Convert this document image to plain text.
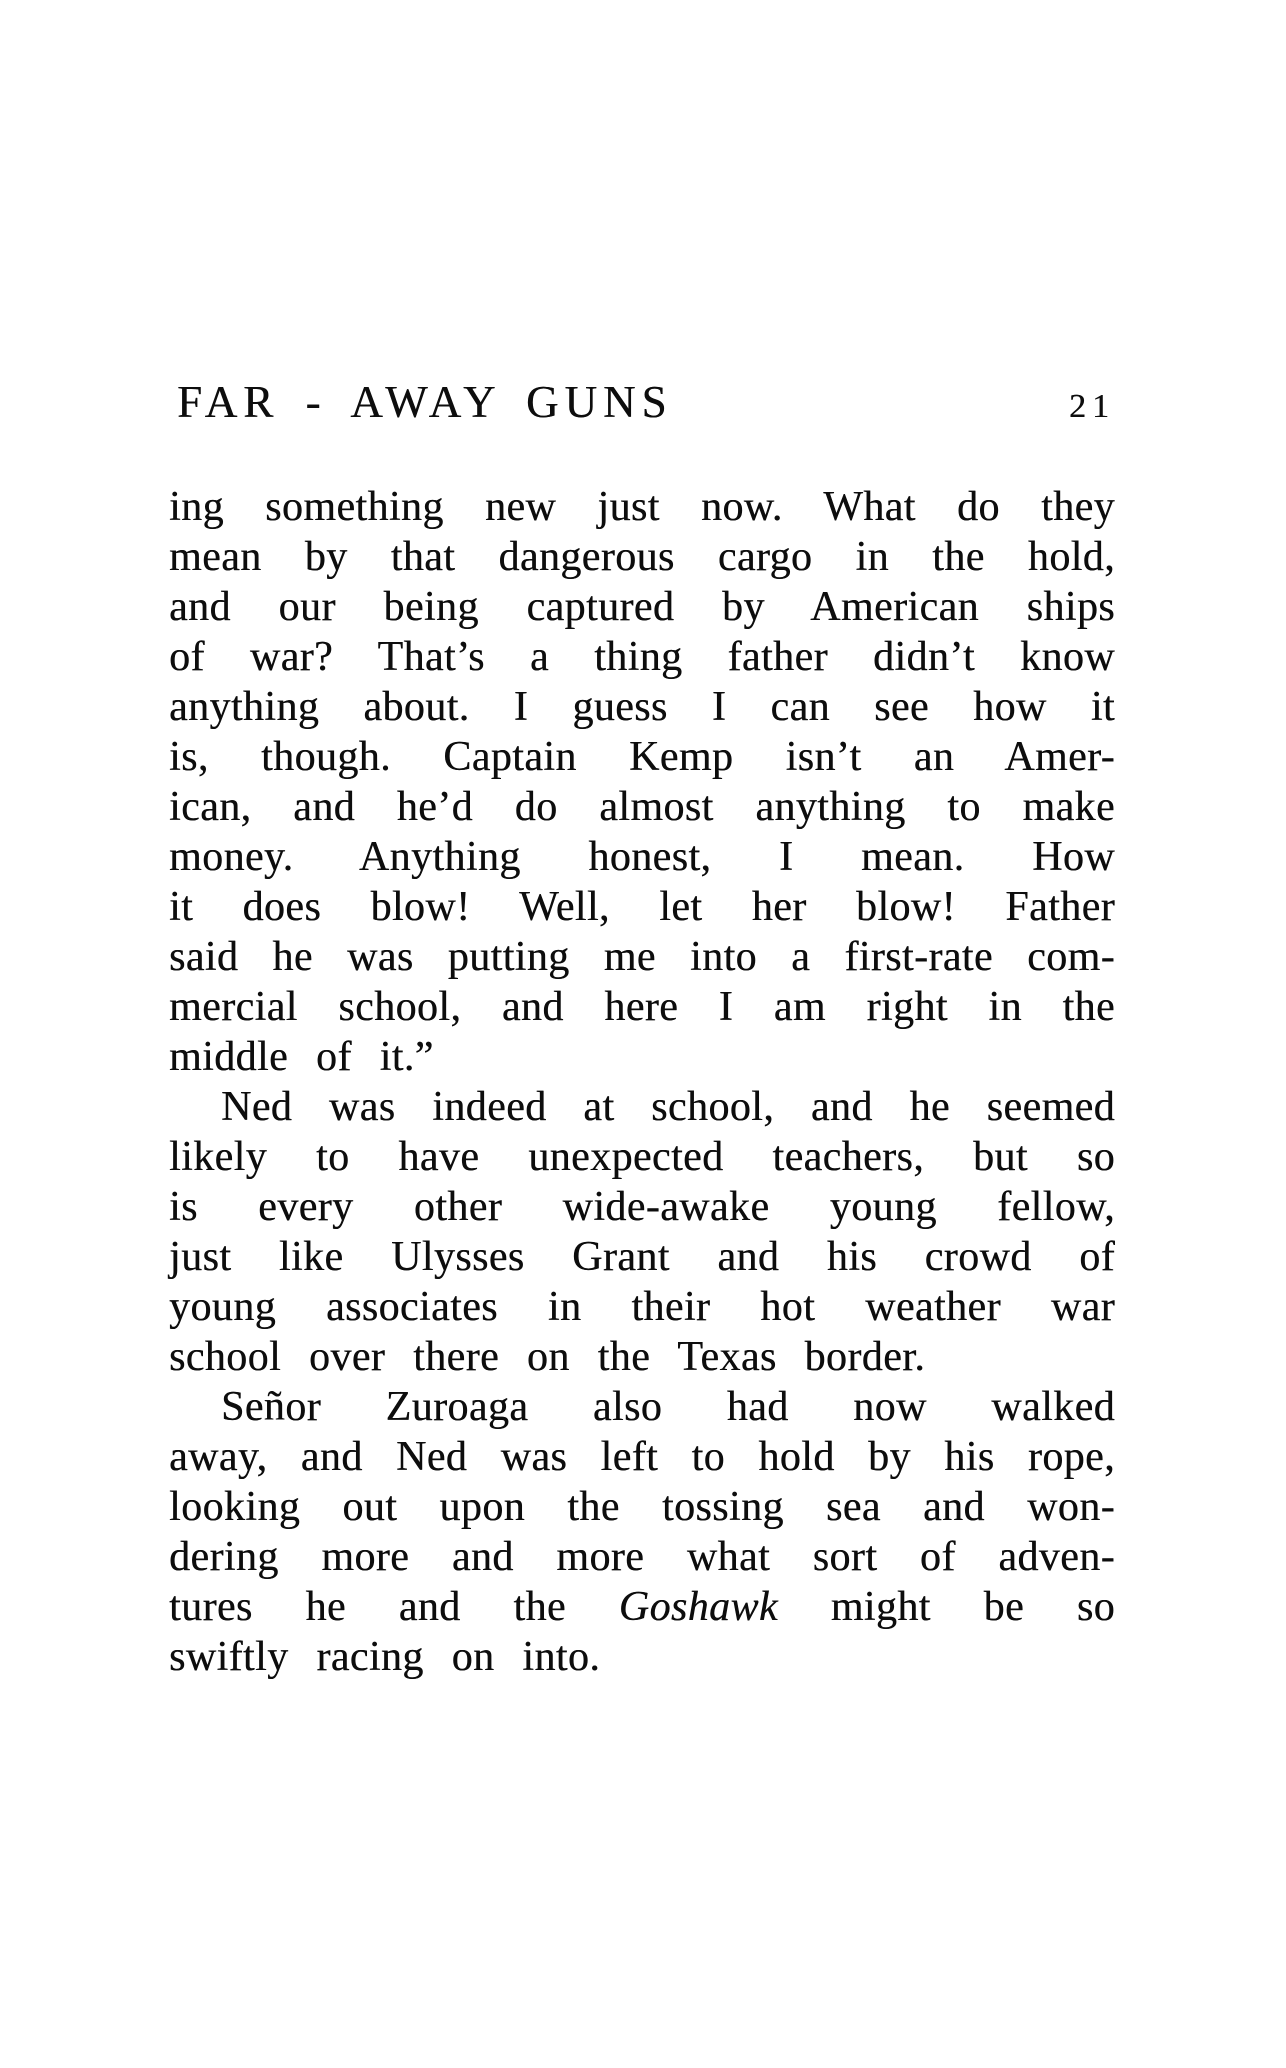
FAR - AWAY GUNS	21
ing something new just now. What do they
mean by that dangerous cargo in the hold,
and our being captured by American ships
of war? That’s a thing father didn’t know
anything about. I guess I can see how it
is, though. Captain Kemp isn’t an Amer-
ican, and he’d do almost anything to make
money. Anything honest, I mean. How
it does blow! Well, let her blow! Father
said he was putting me into a first-rate com-
mercial school, and here I am right in the
middle of it.”
Ned was indeed at school, and he seemed
likely to have unexpected teachers, but so
is every other wide-awake young fellow,
just like Ulysses Grant and his crowd of
young associates in their hot weather war
school over there on the Texas border.
Señor Zuroaga also had now walked
away, and Ned was left to hold by his rope,
looking out upon the tossing sea and won-
dering more and more what sort of adven-
tures he and the Goshawk might be so
swiftly racing on into.
